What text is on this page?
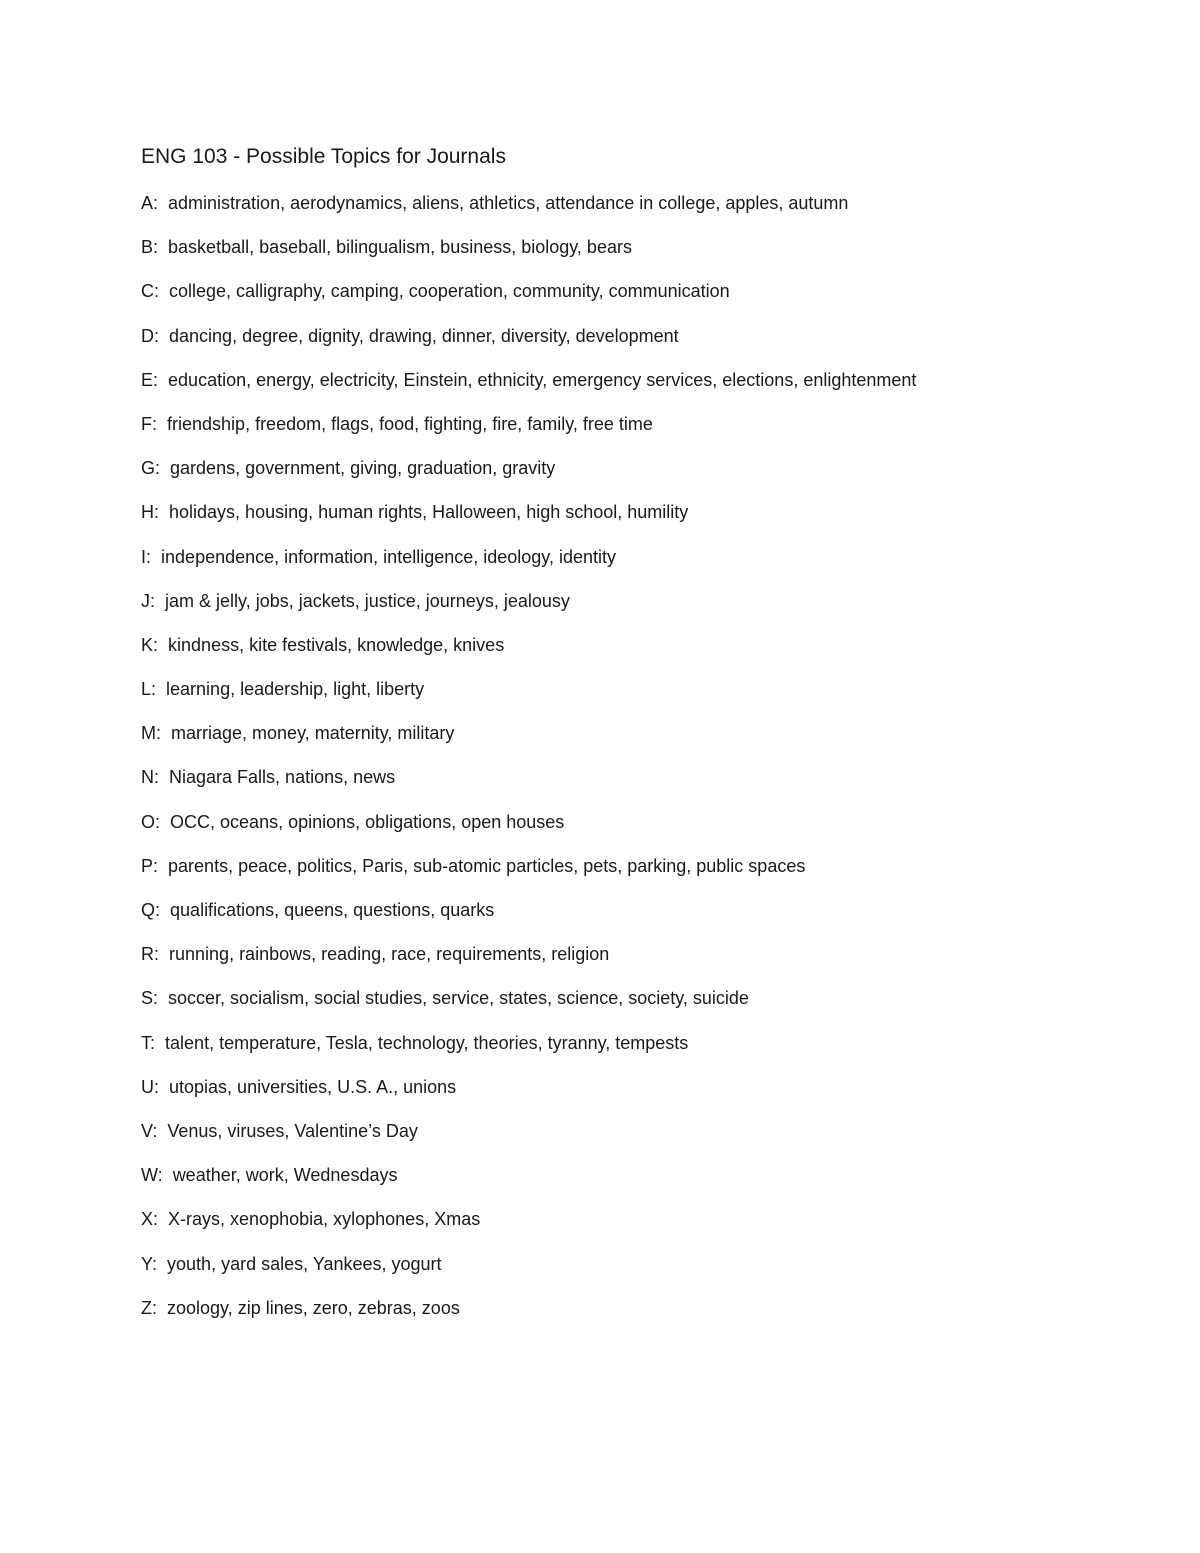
ENG 103 - Possible Topics for Journals
A: administration, aerodynamics, aliens, athletics, attendance in college, apples, autumn
B: basketball, baseball, bilingualism, business, biology, bears
C: college, calligraphy, camping, cooperation, community, communication
D: dancing, degree, dignity, drawing, dinner, diversity, development
E: education, energy, electricity, Einstein, ethnicity, emergency services, elections, enlightenment
F: friendship, freedom, flags, food, fighting, fire, family, free time
G: gardens, government, giving, graduation, gravity
H: holidays, housing, human rights, Halloween, high school, humility
I: independence, information, intelligence, ideology, identity
J: jam & jelly, jobs, jackets, justice, journeys, jealousy
K: kindness, kite festivals, knowledge, knives
L: learning, leadership, light, liberty
M: marriage, money, maternity, military
N: Niagara Falls, nations, news
O: OCC, oceans, opinions, obligations, open houses
P: parents, peace, politics, Paris, sub-atomic particles, pets, parking, public spaces
Q: qualifications, queens, questions, quarks
R: running, rainbows, reading, race, requirements, religion
S: soccer, socialism, social studies, service, states, science, society, suicide
T: talent, temperature, Tesla, technology, theories, tyranny, tempests
U: utopias, universities, U.S. A., unions
V: Venus, viruses, Valentine’s Day
W: weather, work, Wednesdays
X: X-rays, xenophobia, xylophones, Xmas
Y: youth, yard sales, Yankees, yogurt
Z: zoology, zip lines, zero, zebras, zoos
